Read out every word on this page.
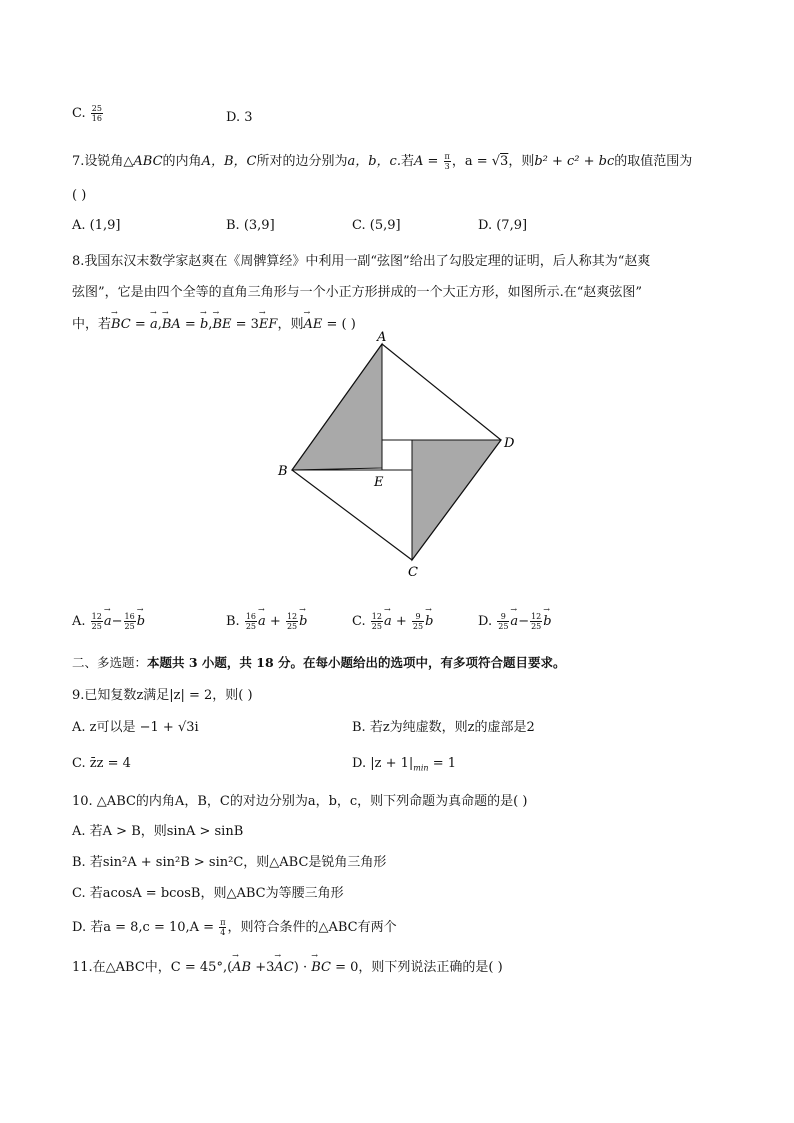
C. $\frac{25}{16}$	D. 3
7.设锐角△ABC的内角A，B，C所对的边分别为a，b，c.若$A = \frac{\pi}{3}$ ，a = √3，则b² + c² + bc的取值范围为
( )
A. (1,9]	B. (3,9]	C. (5,9]	D. (7,9]
8.我国东汉末数学家赵爽在《周髀算经》中利用一副“弦图”给出了勾股定理的证明，后人称其为“赵爽
弦图”，它是由四个全等的直角三角形与一个小正方形拼成的一个大正方形，如图所示.在“赵爽弦图”
中，若→ BC = → a,→ BA = → b,→ BE = 3→ EF，则→ AE = ( )
A
B
C
D
E
A. $\frac{12}{25} \to a- \frac{16}{25} \to b$	B. $\frac{16}{25} \to a + \frac{12}{25} \to b$	C. $\frac{12}{25} \to a + \frac{9}{25} \to b$	D. $\frac{9}{25} \to a- \frac{12}{25} \to b$
二、多选题：本题共 3 小题，共 18 分。在每小题给出的选项中，有多项符合题目要求。
9.已知复数z满足|z| = 2，则( )
A. z可以是 −1 + √3i	B. 若z为纯虚数，则z的虚部是2
C. z̄z = 4	D. $|z + 1|_{min} = 1$
10. △ABC的内角A，B，C的对边分别为a，b，c，则下列命题为真命题的是( )
A. 若A > B，则sinA > sinB
B. 若sin²A + sin²B > sin²C，则△ABC是锐角三角形
C. 若acosA = bcosB，则△ABC为等腰三角形
D. 若$a = 8,c = 10,A = \frac{\pi}{4}$ ，则符合条件的△ABC有两个
11.在△ABC中，C = 45°,(→ AB +3→ AC) · → BC = 0，则下列说法正确的是( )
